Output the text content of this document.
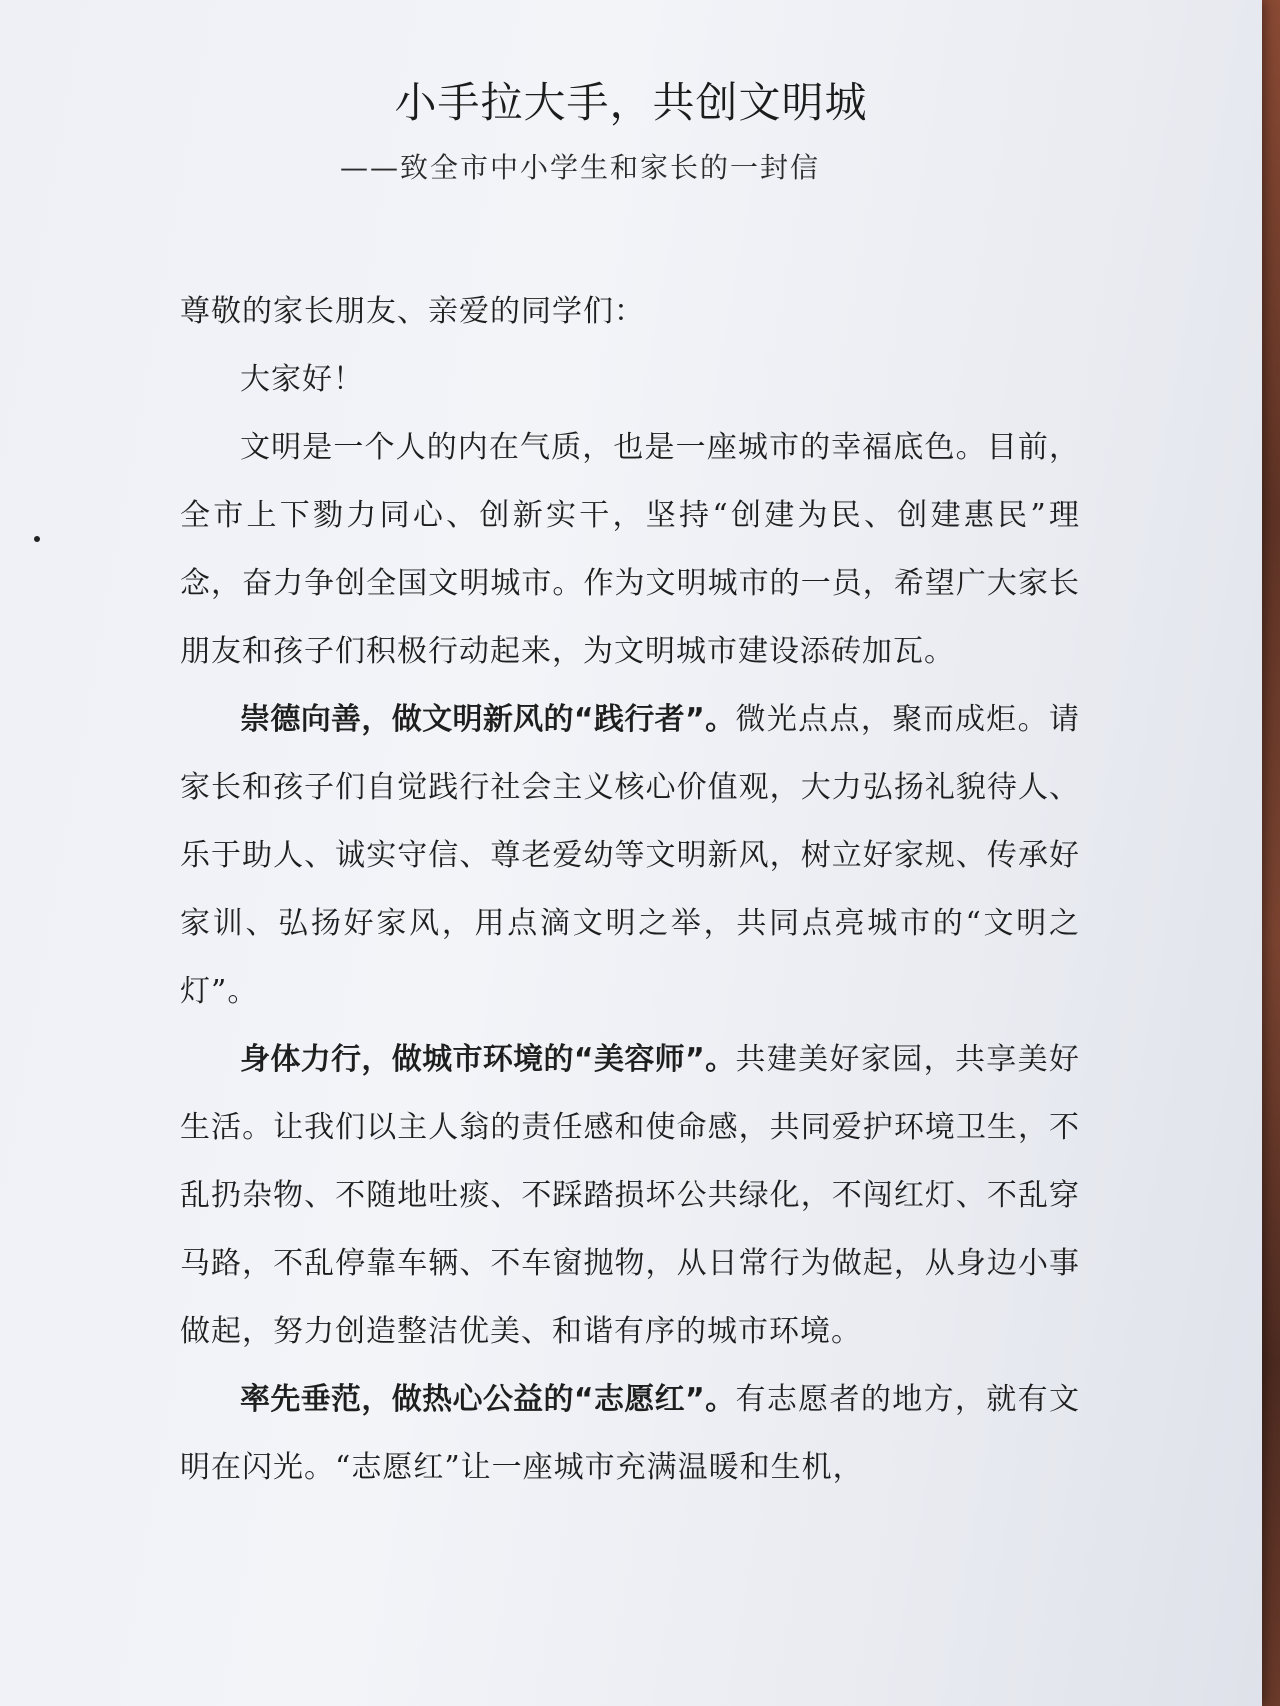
小手拉大手，共创文明城
——致全市中小学生和家长的一封信

尊敬的家长朋友、亲爱的同学们：

大家好！

文明是一个人的内在气质，也是一座城市的幸福底色。目前，全市上下勠力同心、创新实干，坚持“创建为民、创建惠民”理念，奋力争创全国文明城市。作为文明城市的一员，希望广大家长朋友和孩子们积极行动起来，为文明城市建设添砖加瓦。

崇德向善，做文明新风的“践行者”。微光点点，聚而成炬。请家长和孩子们自觉践行社会主义核心价值观，大力弘扬礼貌待人、乐于助人、诚实守信、尊老爱幼等文明新风，树立好家规、传承好家训、弘扬好家风，用点滴文明之举，共同点亮城市的“文明之灯”。

身体力行，做城市环境的“美容师”。共建美好家园，共享美好生活。让我们以主人翁的责任感和使命感，共同爱护环境卫生，不乱扔杂物、不随地吐痰、不踩踏损坏公共绿化，不闯红灯、不乱穿马路，不乱停靠车辆、不车窗抛物，从日常行为做起，从身边小事做起，努力创造整洁优美、和谐有序的城市环境。

率先垂范，做热心公益的“志愿红”。有志愿者的地方，就有文明在闪光。“志愿红”让一座城市充满温暖和生机，
